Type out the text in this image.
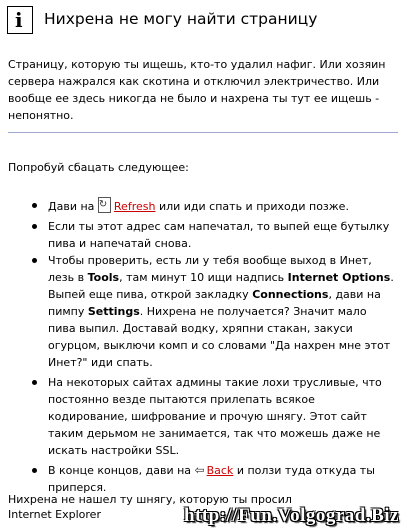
i Нихрена не могу найти страницу

Страницу, которую ты ищешь, кто-то удалил нафиг. Или хозяин сервера нажрался как скотина и отключил электричество. Или вообще ее здесь никогда не было и нахрена ты тут ее ищешь - непонятно.

Попробуй сбацать следующее:

Дави на ↻ Refresh или иди спать и приходи позже.
Если ты этот адрес сам напечатал, то выпей еще бутылку пива и напечатай снова.
Чтобы проверить, есть ли у тебя вообще выход в Инет, лезь в Tools, там минут 10 ищи надпись Internet Options. Выпей еще пива, открой закладку Connections, дави на пимпу Settings. Нихрена не получается? Значит мало пива выпил. Доставай водку, хряпни стакан, закуси огурцом, выключи комп и со словами "Да нахрен мне этот Инет?" иди спать.
На некоторых сайтах админы такие лохи трусливые, что постоянно везде пытаются прилепать всякое кодирование, шифрование и прочую шнягу. Этот сайт таким дерьмом не занимается, так что можешь даже не искать настройки SSL.
В конце концов, дави на ⇦ Back и ползи туда откуда ты приперся.

Нихрена не нашел ту шнягу, которую ты просил Internet Explorer	http://Fun.Volgograd.Biz
